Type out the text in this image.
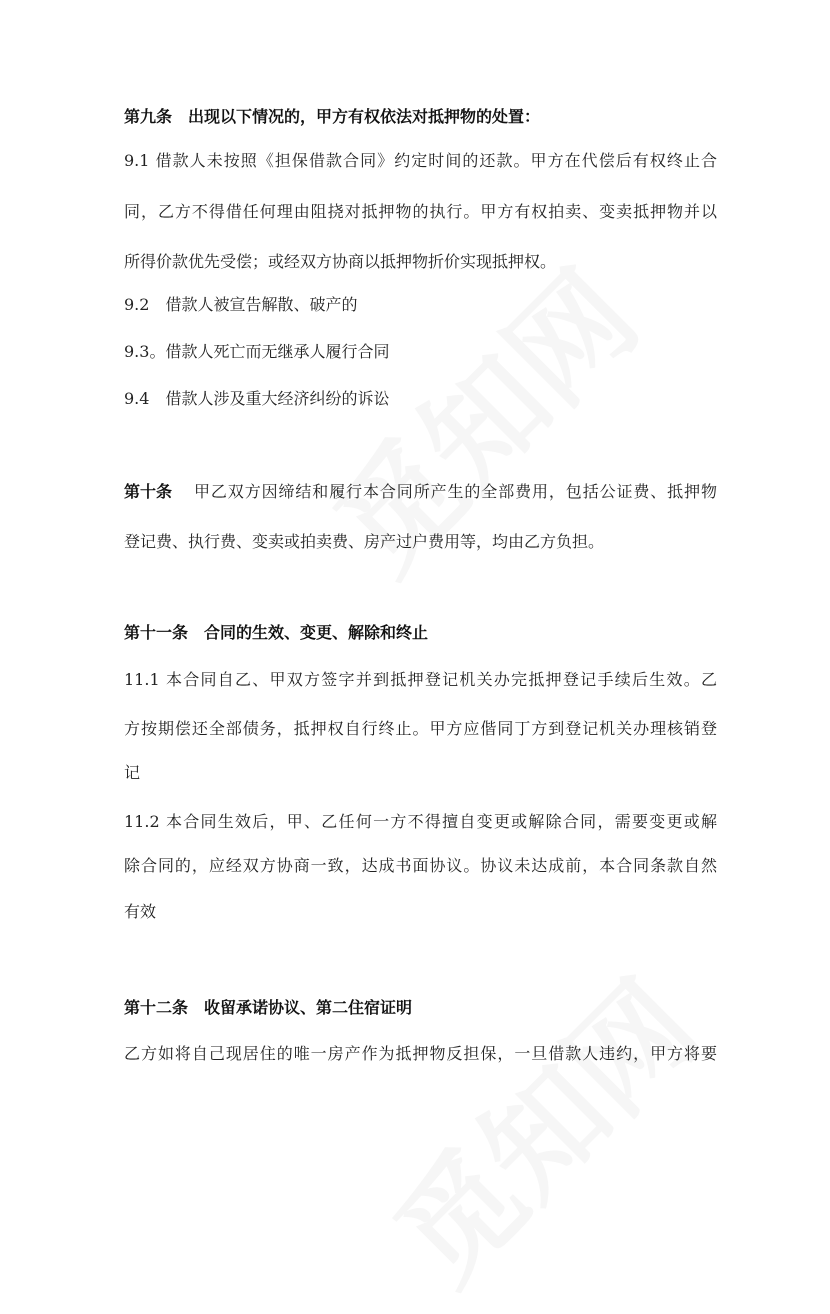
第九条　出现以下情况的，甲方有权依法对抵押物的处置：
9.1 借款人未按照《担保借款合同》约定时间的还款。甲方在代偿后有权终止合
同，乙方不得借任何理由阻挠对抵押物的执行。甲方有权拍卖、变卖抵押物并以
所得价款优先受偿；或经双方协商以抵押物折价实现抵押权。
9.2　借款人被宣告解散、破产的
9.3。借款人死亡而无继承人履行合同
9.4　借款人涉及重大经济纠纷的诉讼
第十条 甲乙双方因缔结和履行本合同所产生的全部费用，包括公证费、抵押物
登记费、执行费、变卖或拍卖费、房产过户费用等，均由乙方负担。
第十一条　合同的生效、变更、解除和终止
11.1 本合同自乙、甲双方签字并到抵押登记机关办完抵押登记手续后生效。乙
方按期偿还全部债务，抵押权自行终止。甲方应偕同丁方到登记机关办理核销登
记
11.2 本合同生效后，甲、乙任何一方不得擅自变更或解除合同，需要变更或解
除合同的，应经双方协商一致，达成书面协议。协议未达成前，本合同条款自然
有效
第十二条　收留承诺协议、第二住宿证明
乙方如将自己现居住的唯一房产作为抵押物反担保，一旦借款人违约，甲方将要
